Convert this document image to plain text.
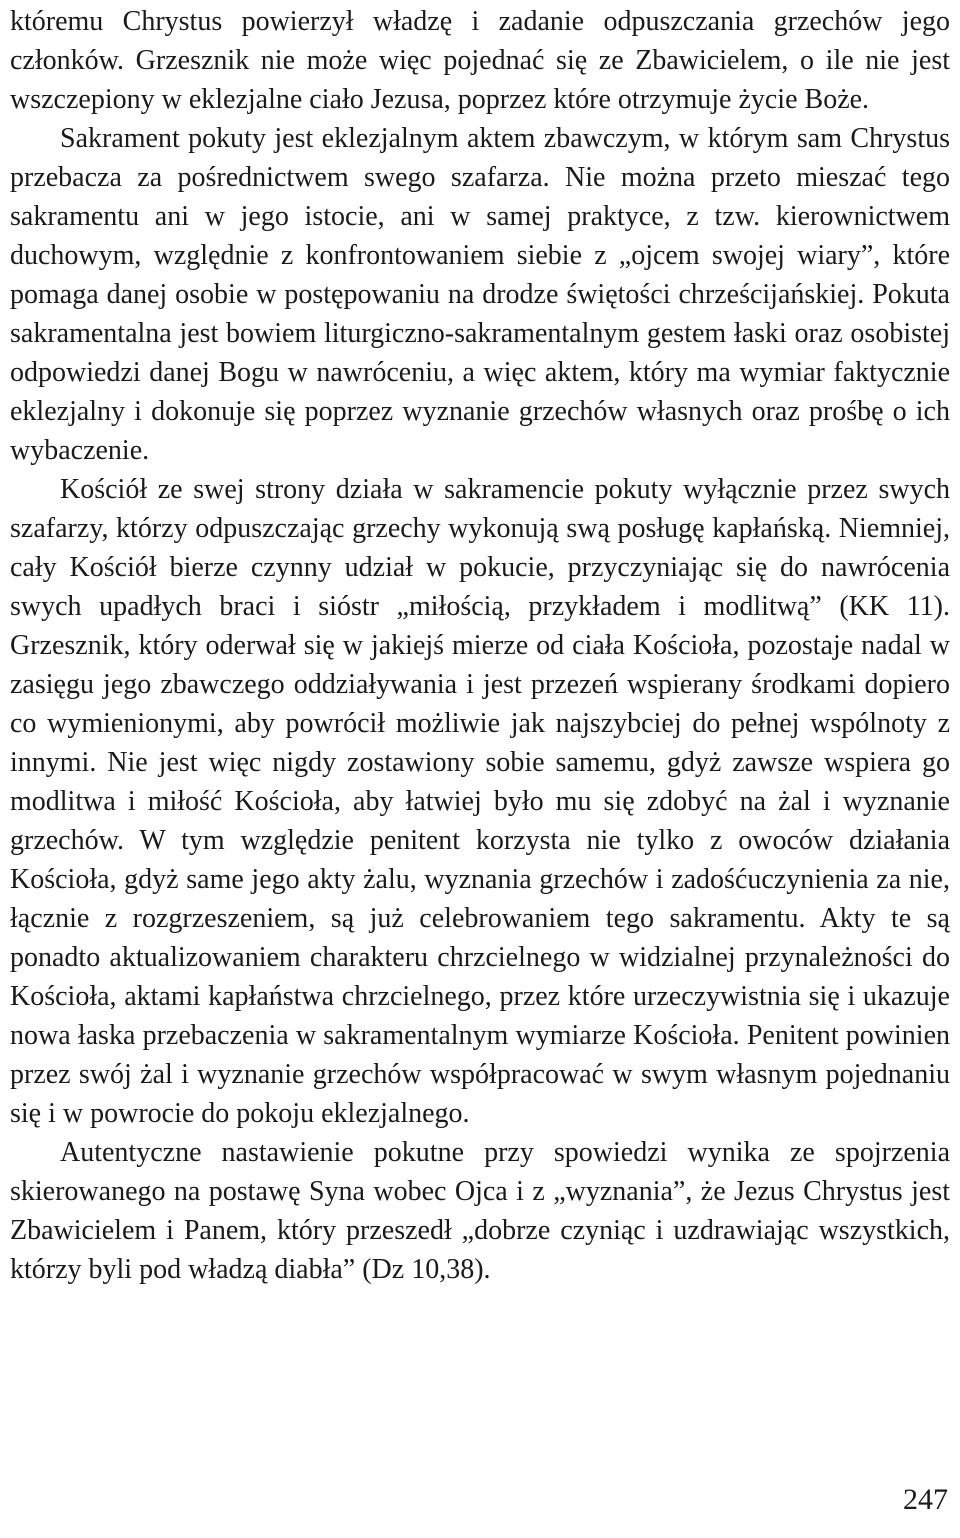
któremu Chrystus powierzył władzę i zadanie odpuszczania grzechów jego członków. Grzesznik nie może więc pojednać się ze Zbawicielem, o ile nie jest wszczepiony w eklezjalne ciało Jezusa, poprzez które otrzymuje życie Boże.

Sakrament pokuty jest eklezjalnym aktem zbawczym, w którym sam Chrystus przebacza za pośrednictwem swego szafarza. Nie można przeto mieszać tego sakramentu ani w jego istocie, ani w samej praktyce, z tzw. kierownictwem duchowym, względnie z konfrontowaniem siebie z „ojcem swojej wiary”, które pomaga danej osobie w postępowaniu na drodze świętości chrześcijańskiej. Pokuta sakramentalna jest bowiem liturgiczno-sakramentalnym gestem łaski oraz osobistej odpowiedzi danej Bogu w nawróceniu, a więc aktem, który ma wymiar faktycznie eklezjalny i dokonuje się poprzez wyznanie grzechów własnych oraz prośbę o ich wybaczenie.

Kościół ze swej strony działa w sakramencie pokuty wyłącznie przez swych szafarzy, którzy odpuszczając grzechy wykonują swą posługę kapłańską. Niemniej, cały Kościół bierze czynny udział w pokucie, przyczyniając się do nawrócenia swych upadłych braci i sióstr „miłością, przykładem i modlitwą” (KK 11). Grzesznik, który oderwał się w jakiejś mierze od ciała Kościoła, pozostaje nadal w zasięgu jego zbawczego oddziaływania i jest przezeń wspierany środkami dopiero co wymienionymi, aby powrócił możliwie jak najszybciej do pełnej wspólnoty z innymi. Nie jest więc nigdy zostawiony sobie samemu, gdyż zawsze wspiera go modlitwa i miłość Kościoła, aby łatwiej było mu się zdobyć na żal i wyznanie grzechów. W tym względzie penitent korzysta nie tylko z owoców działania Kościoła, gdyż same jego akty żalu, wyznania grzechów i zadośćuczynienia za nie, łącznie z rozgrzeszeniem, są już celebrowaniem tego sakramentu. Akty te są ponadto aktualizowaniem charakteru chrzcielnego w widzialnej przynależności do Kościoła, aktami kapłaństwa chrzcielnego, przez które urzeczywistnia się i ukazuje nowa łaska przebaczenia w sakramentalnym wymiarze Kościoła. Penitent powinien przez swój żal i wyznanie grzechów współpracować w swym własnym pojednaniu się i w powrocie do pokoju eklezjalnego.

Autentyczne nastawienie pokutne przy spowiedzi wynika ze spojrzenia skierowanego na postawę Syna wobec Ojca i z „wyznania”, że Jezus Chrystus jest Zbawicielem i Panem, który przeszedł „dobrze czyniąc i uzdrawiając wszystkich, którzy byli pod władzą diabła” (Dz 10,38).

247
